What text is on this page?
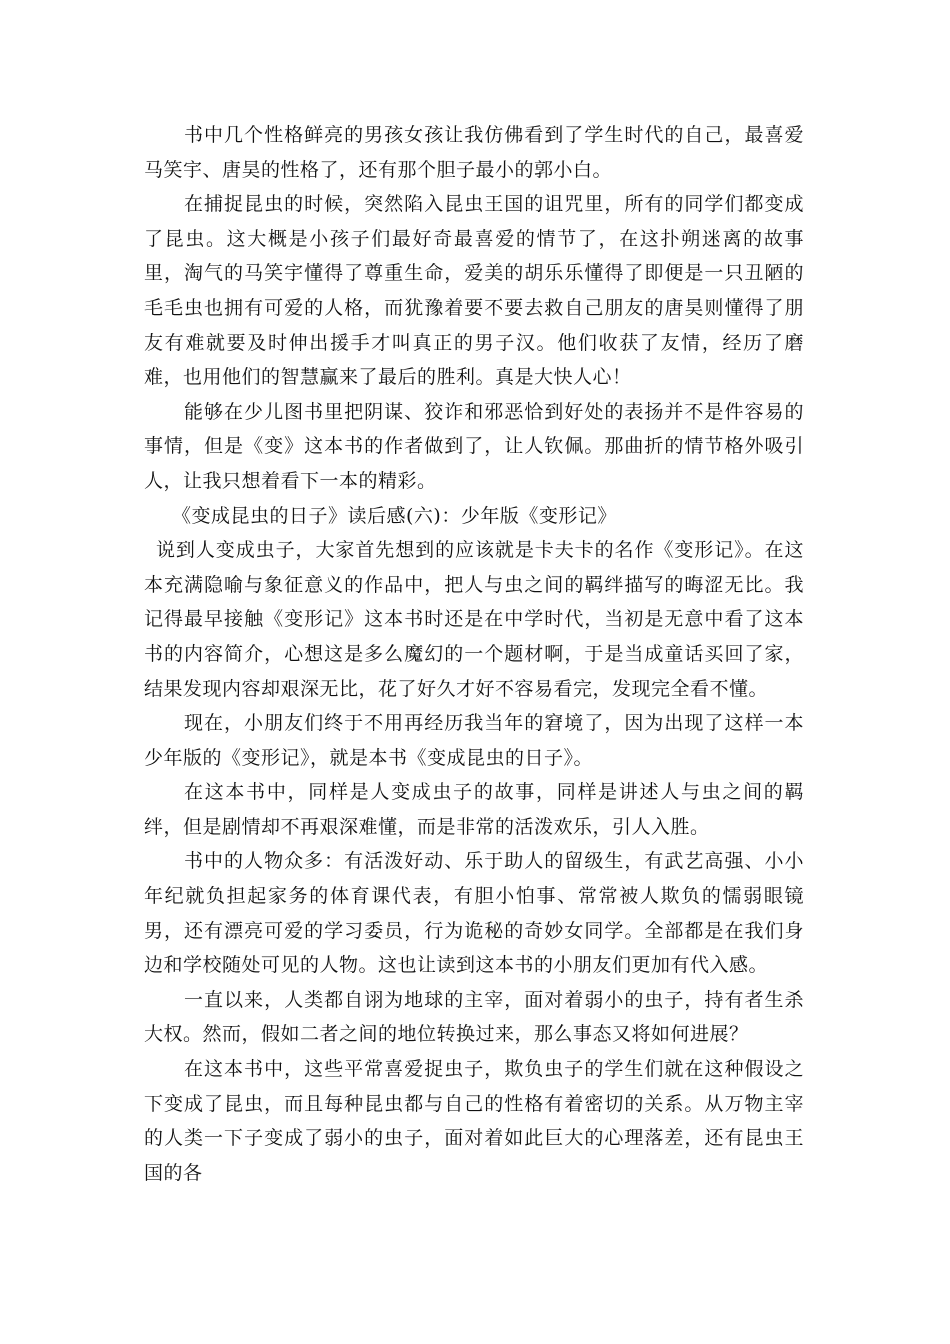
书中几个性格鲜亮的男孩女孩让我仿佛看到了学生时代的自己，最喜爱马笑宇、唐昊的性格了，还有那个胆子最小的郭小白。

在捕捉昆虫的时候，突然陷入昆虫王国的诅咒里，所有的同学们都变成了昆虫。这大概是小孩子们最好奇最喜爱的情节了，在这扑朔迷离的故事里，淘气的马笑宇懂得了尊重生命，爱美的胡乐乐懂得了即便是一只丑陋的毛毛虫也拥有可爱的人格，而犹豫着要不要去救自己朋友的唐昊则懂得了朋友有难就要及时伸出援手才叫真正的男子汉。他们收获了友情，经历了磨难，也用他们的智慧赢来了最后的胜利。真是大快人心！

能够在少儿图书里把阴谋、狡诈和邪恶恰到好处的表扬并不是件容易的事情，但是《变》这本书的作者做到了，让人钦佩。那曲折的情节格外吸引人，让我只想着看下一本的精彩。

《变成昆虫的日子》读后感(六)：少年版《变形记》

说到人变成虫子，大家首先想到的应该就是卡夫卡的名作《变形记》。在这本充满隐喻与象征意义的作品中，把人与虫之间的羁绊描写的晦涩无比。我记得最早接触《变形记》这本书时还是在中学时代，当初是无意中看了这本书的内容简介，心想这是多么魔幻的一个题材啊，于是当成童话买回了家，结果发现内容却艰深无比，花了好久才好不容易看完，发现完全看不懂。

现在，小朋友们终于不用再经历我当年的窘境了，因为出现了这样一本少年版的《变形记》，就是本书《变成昆虫的日子》。

在这本书中，同样是人变成虫子的故事，同样是讲述人与虫之间的羁绊，但是剧情却不再艰深难懂，而是非常的活泼欢乐，引人入胜。

书中的人物众多：有活泼好动、乐于助人的留级生，有武艺高强、小小年纪就负担起家务的体育课代表，有胆小怕事、常常被人欺负的懦弱眼镜男，还有漂亮可爱的学习委员，行为诡秘的奇妙女同学。全部都是在我们身边和学校随处可见的人物。这也让读到这本书的小朋友们更加有代入感。

一直以来，人类都自诩为地球的主宰，面对着弱小的虫子，持有者生杀大权。然而，假如二者之间的地位转换过来，那么事态又将如何进展？

在这本书中，这些平常喜爱捉虫子，欺负虫子的学生们就在这种假设之下变成了昆虫，而且每种昆虫都与自己的性格有着密切的关系。从万物主宰的人类一下子变成了弱小的虫子，面对着如此巨大的心理落差，还有昆虫王国的各
